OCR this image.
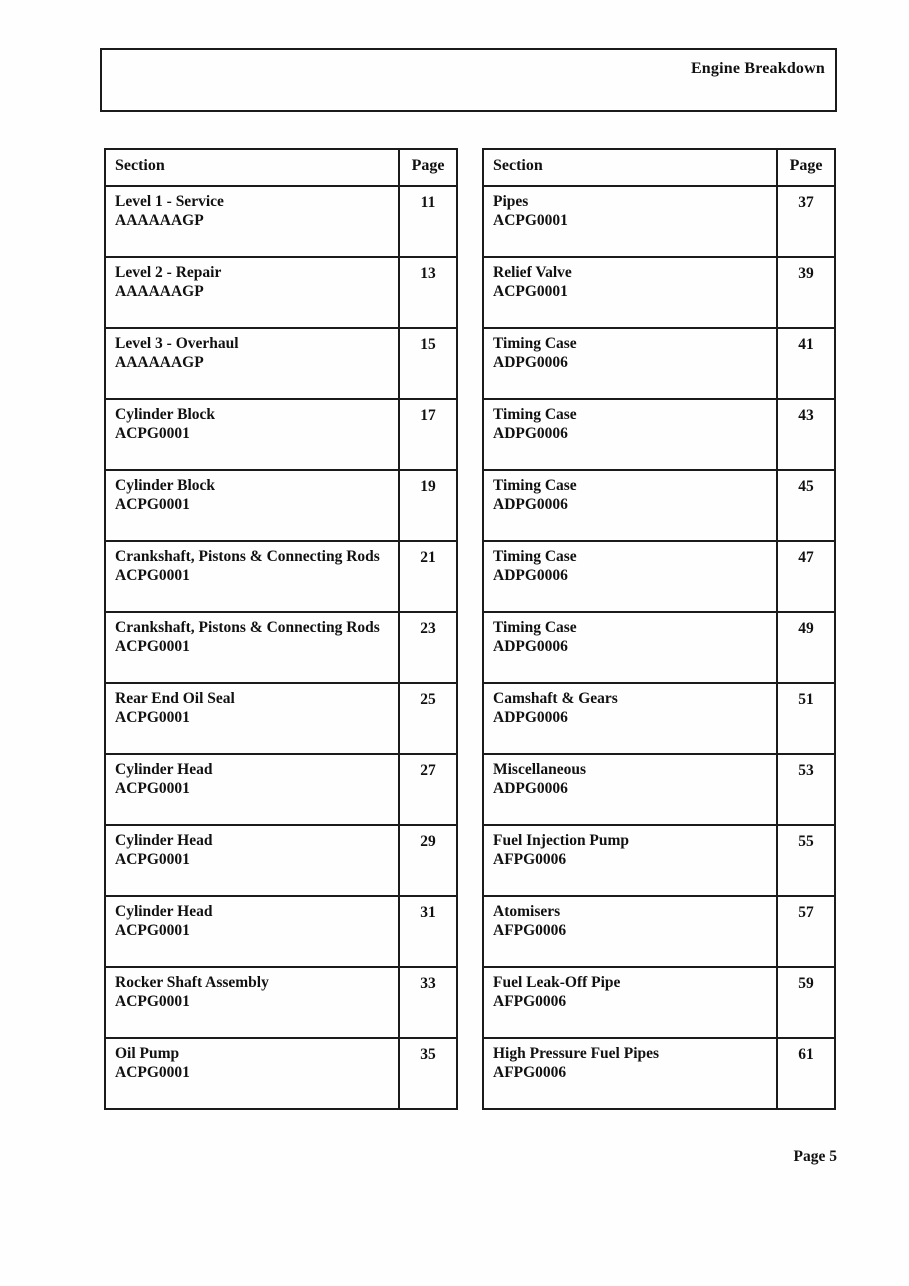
Engine Breakdown
Section	Page
Level 1 - Service
AAAAAAGP
11
Level 2 - Repair
AAAAAAGP
13
Level 3 - Overhaul
AAAAAAGP
15
Cylinder Block
ACPG0001
17
Cylinder Block
ACPG0001
19
Crankshaft, Pistons & Connecting Rods
ACPG0001
21
Crankshaft, Pistons & Connecting Rods
ACPG0001
23
Rear End Oil Seal
ACPG0001
25
Cylinder Head
ACPG0001
27
Cylinder Head
ACPG0001
29
Cylinder Head
ACPG0001
31
Rocker Shaft Assembly
ACPG0001
33
Oil Pump
ACPG0001
35
Section	Page
Pipes
ACPG0001
37
Relief Valve
ACPG0001
39
Timing Case
ADPG0006
41
Timing Case
ADPG0006
43
Timing Case
ADPG0006
45
Timing Case
ADPG0006
47
Timing Case
ADPG0006
49
Camshaft & Gears
ADPG0006
51
Miscellaneous
ADPG0006
53
Fuel Injection Pump
AFPG0006
55
Atomisers
AFPG0006
57
Fuel Leak-Off Pipe
AFPG0006
59
High Pressure Fuel Pipes
AFPG0006
61
Page 5
